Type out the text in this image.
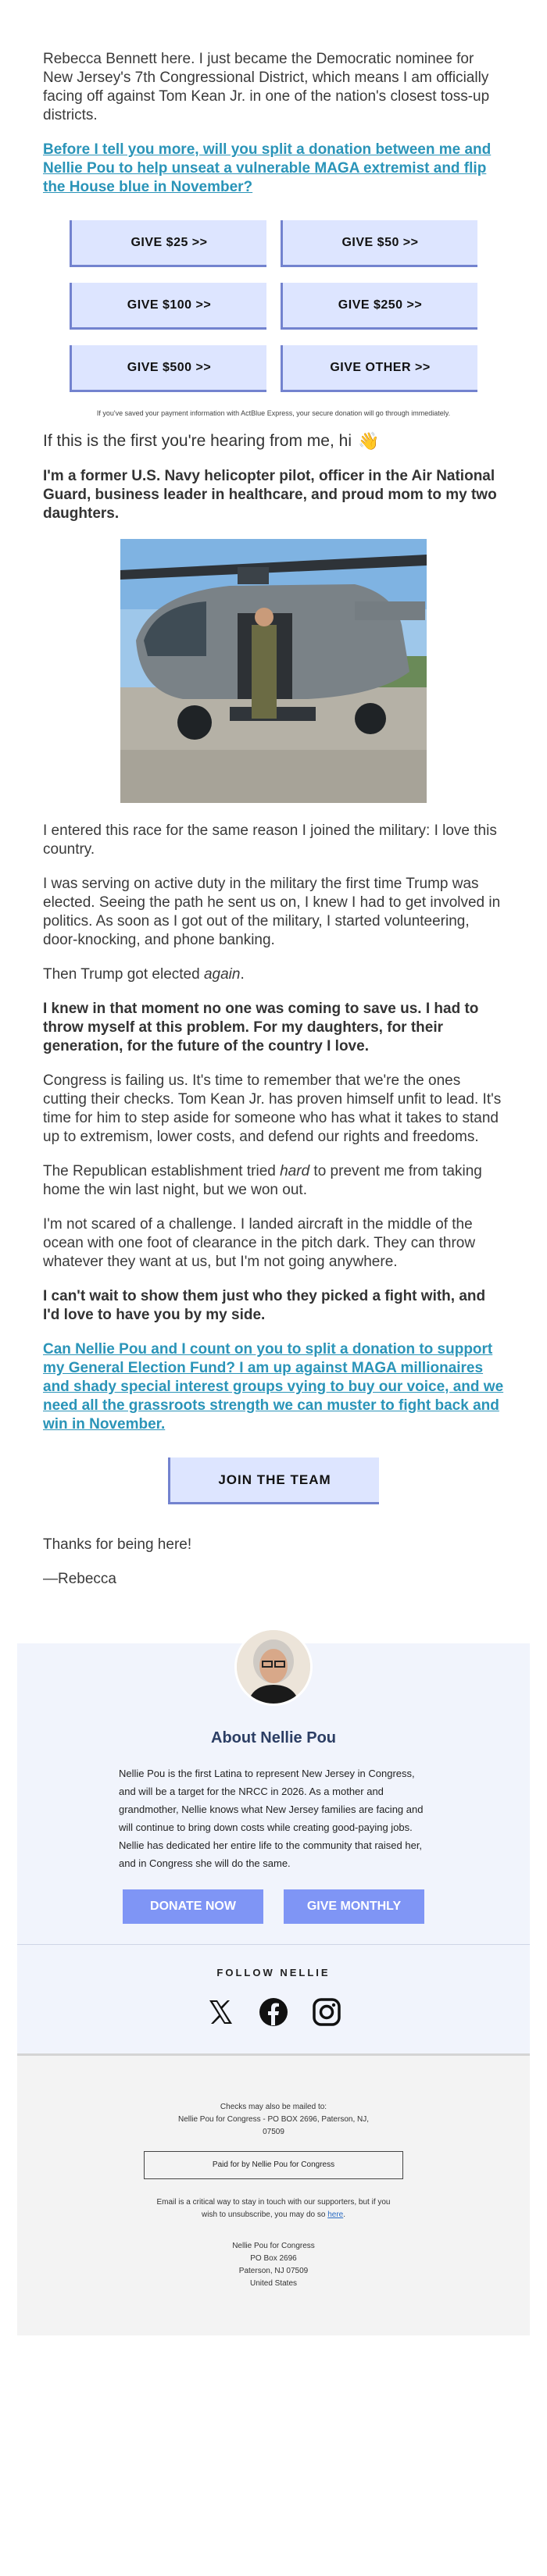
Rebecca Bennett here. I just became the Democratic nominee for New Jersey's 7th Congressional District, which means I am officially facing off against Tom Kean Jr. in one of the nation's closest toss-up districts.

Before I tell you more, will you split a donation between me and Nellie Pou to help unseat a vulnerable MAGA extremist and flip the House blue in November?
GIVE $25 >>	GIVE $50 >>
GIVE $100 >>	GIVE $250 >>
GIVE $500 >>	GIVE OTHER >>
If you've saved your payment information with ActBlue Express, your secure donation will go through immediately.
If this is the first you're hearing from me, hi 👋

I'm a former U.S. Navy helicopter pilot, officer in the Air National Guard, business leader in healthcare, and proud mom to my two daughters.

I entered this race for the same reason I joined the military: I love this country.

I was serving on active duty in the military the first time Trump was elected. Seeing the path he sent us on, I knew I had to get involved in politics. As soon as I got out of the military, I started volunteering, door-knocking, and phone banking.

Then Trump got elected again.

I knew in that moment no one was coming to save us. I had to throw myself at this problem. For my daughters, for their generation, for the future of the country I love.

Congress is failing us. It's time to remember that we're the ones cutting their checks. Tom Kean Jr. has proven himself unfit to lead. It's time for him to step aside for someone who has what it takes to stand up to extremism, lower costs, and defend our rights and freedoms.

The Republican establishment tried hard to prevent me from taking home the win last night, but we won out.

I'm not scared of a challenge. I landed aircraft in the middle of the ocean with one foot of clearance in the pitch dark. They can throw whatever they want at us, but I'm not going anywhere.

I can't wait to show them just who they picked a fight with, and I'd love to have you by my side.

Can Nellie Pou and I count on you to split a donation to support my General Election Fund? I am up against MAGA millionaires and shady special interest groups vying to buy our voice, and we need all the grassroots strength we can muster to fight back and win in November.
JOIN THE TEAM

Thanks for being here!

—Rebecca

About Nellie Pou
Nellie Pou is the first Latina to represent New Jersey in Congress, and will be a target for the NRCC in 2026. As a mother and grandmother, Nellie knows what New Jersey families are facing and will continue to bring down costs while creating good-paying jobs. Nellie has dedicated her entire life to the community that raised her, and in Congress she will do the same.
DONATE NOW	GIVE MONTHLY
FOLLOW NELLIE
Checks may also be mailed to:
Nellie Pou for Congress - PO BOX 2696, Paterson, NJ,
07509
Paid for by Nellie Pou for Congress
Email is a critical way to stay in touch with our supporters, but if you wish to unsubscribe, you may do so here.
Nellie Pou for Congress
PO Box 2696
Paterson, NJ 07509
United States
